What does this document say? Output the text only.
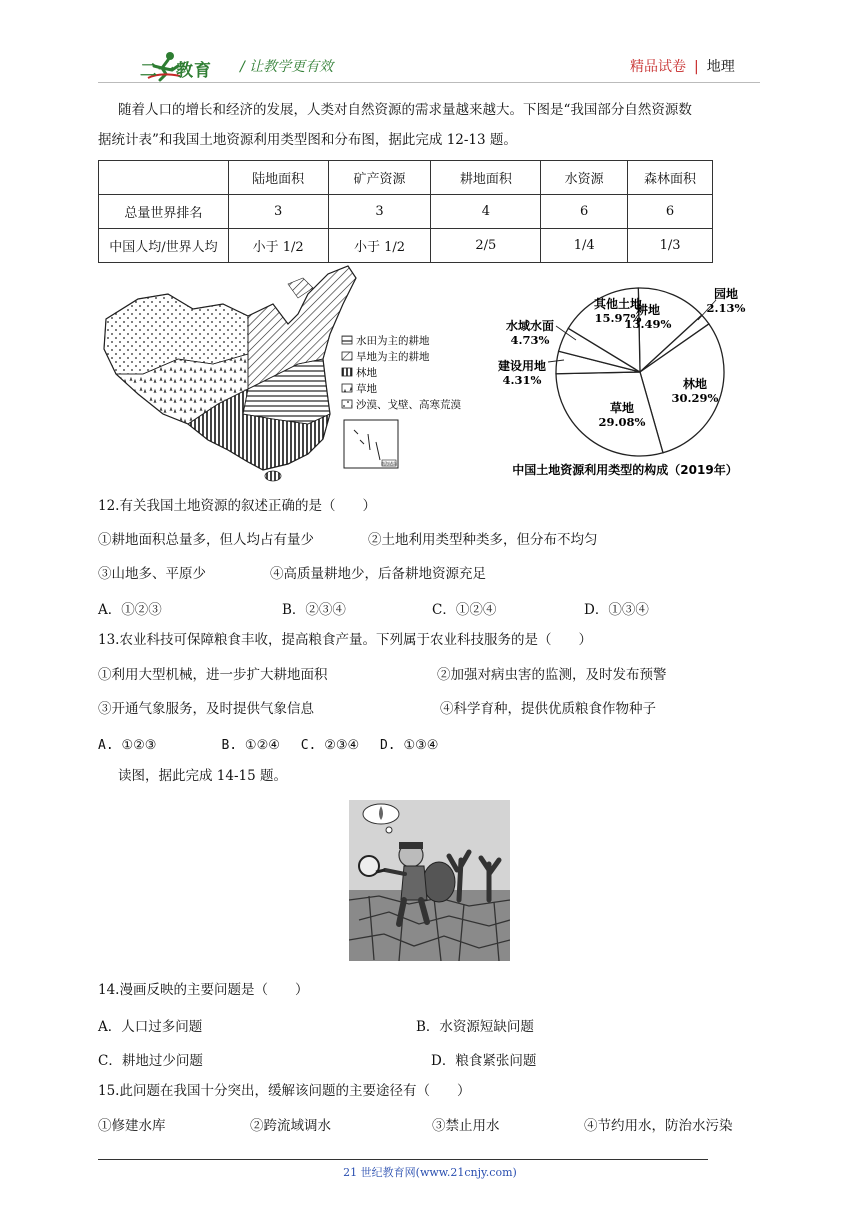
二一教育 / 让教学更有效	精品试卷 | 地理
随着人口的增长和经济的发展，人类对自然资源的需求量越来越大。下图是“我国部分自然资源数
据统计表”和我国土地资源利用类型图和分布图，据此完成 12-13 题。
	陆地面积	矿产资源	耕地面积	水资源	森林面积
总量世界排名	3	3	4	6	6
中国人均/世界人均	小于 1/2	小于 1/2	2/5	1/4	1/3
水田为主的耕地
旱地为主的耕地
林地
草地
沙漠、戈壁、高寒荒漠
南海诸岛
耕地
13.49%
园地
2.13%
林地
30.29%
草地
29.08%
建设用地
4.31%
水域水面
4.73%
其他土地
15.97%
中国土地资源利用类型的构成（2019年）
12.有关我国土地资源的叙述正确的是（　　）
①耕地面积总量多，但人均占有量少	②土地利用类型种类多，但分布不均匀
③山地多、平原少	④高质量耕地少，后备耕地资源充足
A．①②③	B．②③④	C．①②④	D．①③④
13.农业科技可保障粮食丰收，提高粮食产量。下列属于农业科技服务的是（　　）
①利用大型机械，进一步扩大耕地面积	②加强对病虫害的监测，及时发布预警
③开通气象服务，及时提供气象信息	④科学育种，提供优质粮食作物种子
A. ①②③　　　　　B. ①②④　 C. ②③④　 D. ①③④
读图，据此完成 14-15 题。
14.漫画反映的主要问题是（　　）
A．人口过多问题	B．水资源短缺问题
C．耕地过少问题	D．粮食紧张问题
15.此问题在我国十分突出，缓解该问题的主要途径有（　　）
①修建水库	②跨流域调水	③禁止用水	④节约用水，防治水污染
21 世纪教育网(www.21cnjy.com)
